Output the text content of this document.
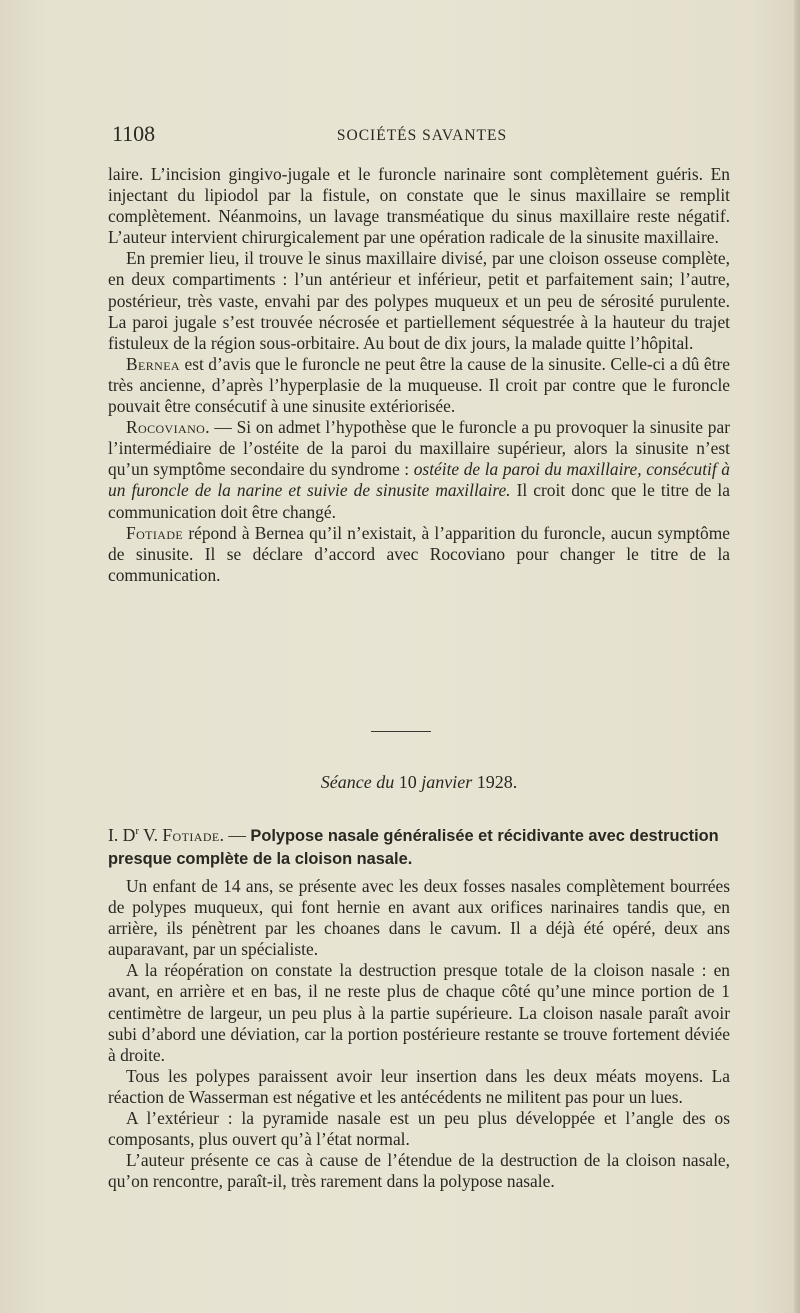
1108	SOCIÉTÉS SAVANTES

laire. L’incision gingivo-jugale et le furoncle narinaire sont complètement guéris. En injectant du lipiodol par la fistule, on constate que le sinus maxillaire se remplit complètement. Néanmoins, un lavage transméatique du sinus maxillaire reste négatif. L’auteur intervient chirurgicalement par une opération radicale de la sinusite maxillaire.

En premier lieu, il trouve le sinus maxillaire divisé, par une cloison osseuse complète, en deux compartiments : l’un antérieur et inférieur, petit et parfaitement sain; l’autre, postérieur, très vaste, envahi par des polypes muqueux et un peu de sérosité purulente. La paroi jugale s’est trouvée nécrosée et partiellement séquestrée à la hauteur du trajet fistuleux de la région sous-orbitaire. Au bout de dix jours, la malade quitte l’hôpital.

Bernea est d’avis que le furoncle ne peut être la cause de la sinusite. Celle-ci a dû être très ancienne, d’après l’hyperplasie de la muqueuse. Il croit par contre que le furoncle pouvait être consécutif à une sinusite extériorisée.

Rocoviano. — Si on admet l’hypothèse que le furoncle a pu provoquer la sinusite par l’intermédiaire de l’ostéite de la paroi du maxillaire supérieur, alors la sinusite n’est qu’un symptôme secondaire du syndrome : ostéite de la paroi du maxillaire, consécutif à un furoncle de la narine et suivie de sinusite maxillaire. Il croit donc que le titre de la communication doit être changé.

Fotiade répond à Bernea qu’il n’existait, à l’apparition du furoncle, aucun symptôme de sinusite. Il se déclare d’accord avec Rocoviano pour changer le titre de la communication.

Séance du 10 janvier 1928.
I. $D^r$ V. Fotiade. — Polypose nasale généralisée et récidivante avec destruction presque complète de la cloison nasale.

Un enfant de 14 ans, se présente avec les deux fosses nasales complètement bourrées de polypes muqueux, qui font hernie en avant aux orifices narinaires tandis que, en arrière, ils pénètrent par les choanes dans le cavum. Il a déjà été opéré, deux ans auparavant, par un spécialiste.

A la réopération on constate la destruction presque totale de la cloison nasale : en avant, en arrière et en bas, il ne reste plus de chaque côté qu’une mince portion de 1 centimètre de largeur, un peu plus à la partie supérieure. La cloison nasale paraît avoir subi d’abord une déviation, car la portion postérieure restante se trouve fortement déviée à droite.

Tous les polypes paraissent avoir leur insertion dans les deux méats moyens. La réaction de Wasserman est négative et les antécédents ne militent pas pour un lues.

A l’extérieur : la pyramide nasale est un peu plus développée et l’angle des os composants, plus ouvert qu’à l’état normal.

L’auteur présente ce cas à cause de l’étendue de la destruction de la cloison nasale, qu’on rencontre, paraît-il, très rarement dans la polypose nasale.
